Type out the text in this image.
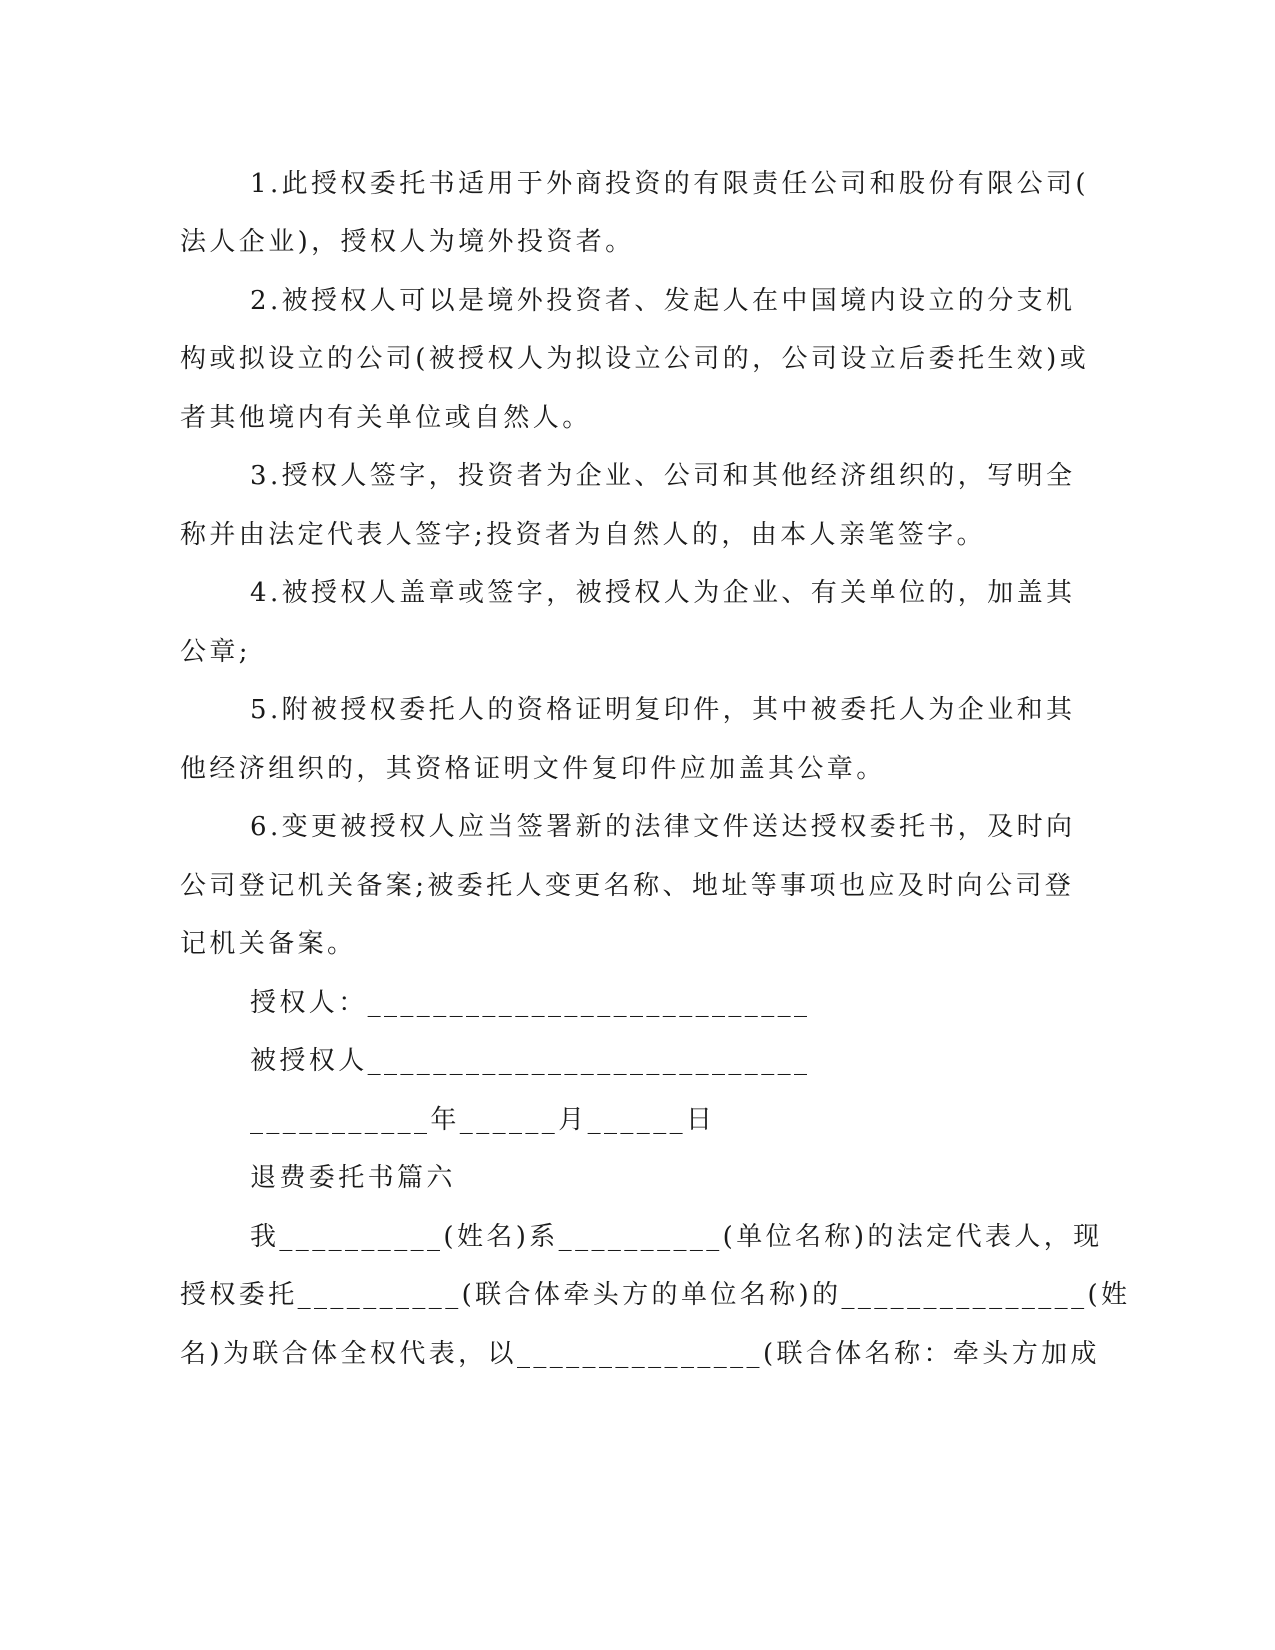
1.此授权委托书适用于外商投资的有限责任公司和股份有限公司(
法人企业)，授权人为境外投资者。
2.被授权人可以是境外投资者、发起人在中国境内设立的分支机
构或拟设立的公司(被授权人为拟设立公司的，公司设立后委托生效)或
者其他境内有关单位或自然人。
3.授权人签字，投资者为企业、公司和其他经济组织的，写明全
称并由法定代表人签字;投资者为自然人的，由本人亲笔签字。
4.被授权人盖章或签字，被授权人为企业、有关单位的，加盖其
公章;
5.附被授权委托人的资格证明复印件，其中被委托人为企业和其
他经济组织的，其资格证明文件复印件应加盖其公章。
6.变更被授权人应当签署新的法律文件送达授权委托书，及时向
公司登记机关备案;被委托人变更名称、地址等事项也应及时向公司登
记机关备案。
授权人：___________________________
被授权人___________________________
___________年______月______日
退费委托书篇六
我__________(姓名)系__________(单位名称)的法定代表人，现
授权委托__________(联合体牵头方的单位名称)的_______________(姓
名)为联合体全权代表，以_______________(联合体名称：牵头方加成
